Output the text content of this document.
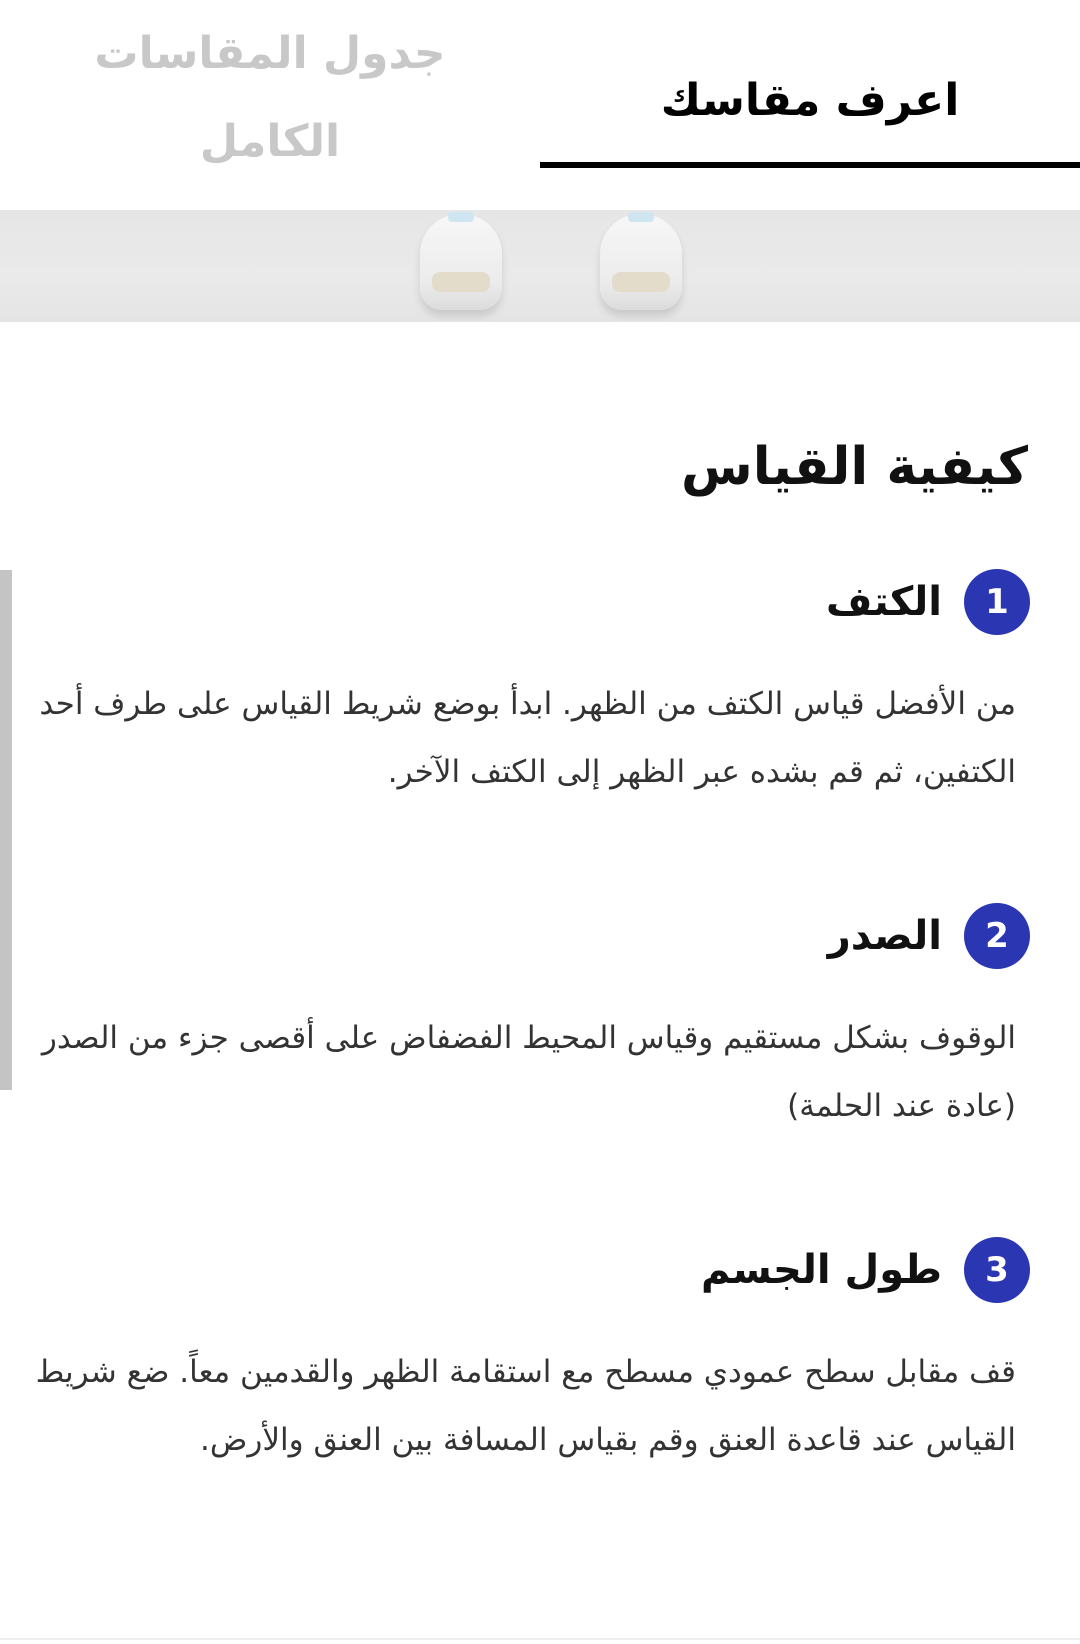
اعرف مقاسك
جدول المقاسات الكامل
كيفية القياس
1
الكتف

من الأفضل قياس الكتف من الظهر. ابدأ بوضع شريط القياس على طرف أحد الكتفين، ثم قم بشده عبر الظهر إلى الكتف الآخر.

2
الصدر

الوقوف بشكل مستقيم وقياس المحيط الفضفاض على أقصى جزء من الصدر (عادة عند الحلمة)

3
طول الجسم

قف مقابل سطح عمودي مسطح مع استقامة الظهر والقدمين معاً. ضع شريط القياس عند قاعدة العنق وقم بقياس المسافة بين العنق والأرض.
